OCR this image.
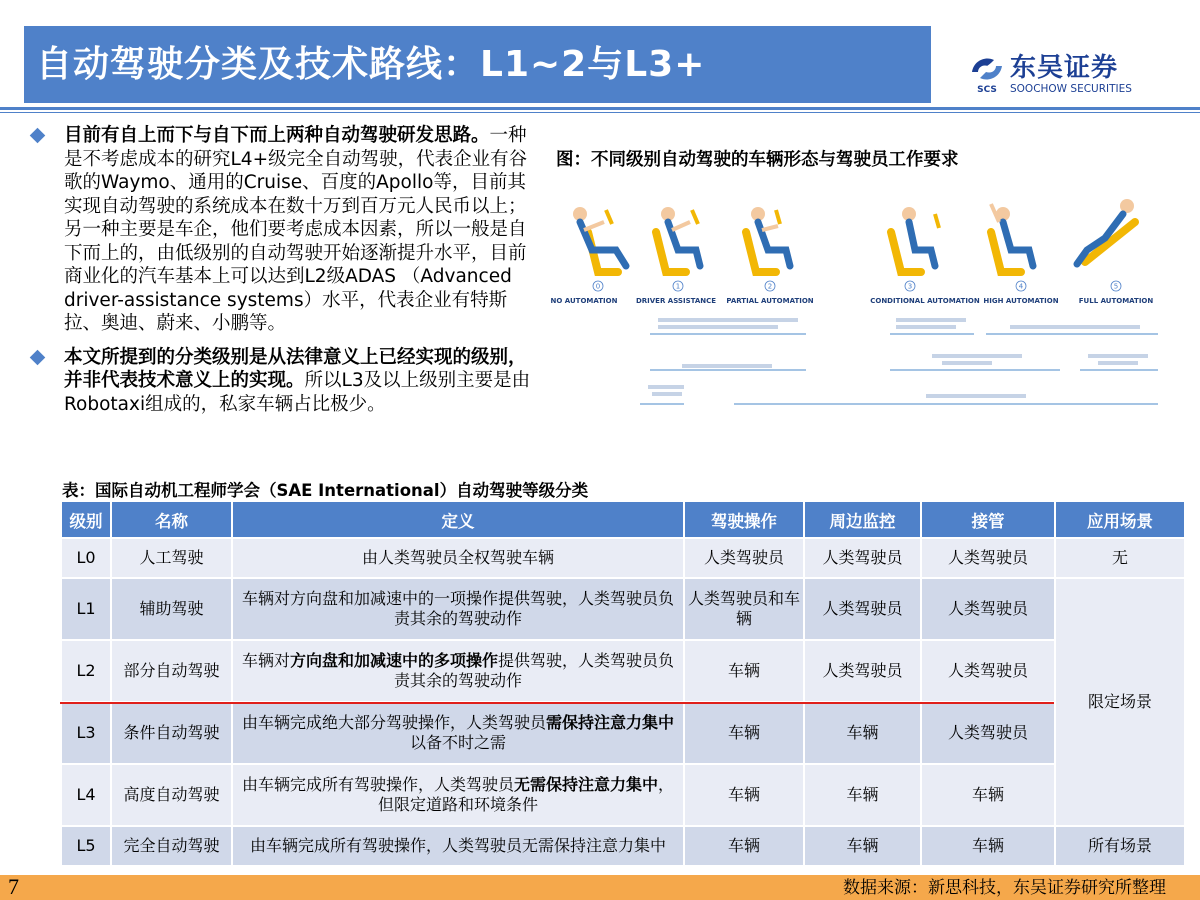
自动驾驶分类及技术路线：L1~2与L3+
SCS
东吴证券
SOOCHOW SECURITIES
目前有自上而下与自下而上两种自动驾驶研发思路。一种是不考虑成本的研究L4+级完全自动驾驶，代表企业有谷歌的Waymo、通用的Cruise、百度的Apollo等，目前其实现自动驾驶的系统成本在数十万到百万元人民币以上；另一种主要是车企，他们要考虑成本因素，所以一般是自下而上的，由低级别的自动驾驶开始逐渐提升水平，目前商业化的汽车基本上可以达到L2级ADAS （Advanced driver-assistance systems）水平，代表企业有特斯拉、奥迪、蔚来、小鹏等。
本文所提到的分类级别是从法律意义上已经实现的级别，并非代表技术意义上的实现。所以L3及以上级别主要是由Robotaxi组成的，私家车辆占比极少。
图：不同级别自动驾驶的车辆形态与驾驶员工作要求
0
NO AUTOMATION
1
DRIVER ASSISTANCE
2
PARTIAL AUTOMATION
3
CONDITIONAL AUTOMATION
4
HIGH AUTOMATION
5
FULL AUTOMATION
表：国际自动机工程师学会（SAE International）自动驾驶等级分类
级别	名称	定义	驾驶操作	周边监控	接管	应用场景
L0	人工驾驶	由人类驾驶员全权驾驶车辆	人类驾驶员	人类驾驶员	人类驾驶员	无
L1	辅助驾驶	车辆对方向盘和加减速中的一项操作提供驾驶，人类驾驶员负责其余的驾驶动作	人类驾驶员和车辆	人类驾驶员	人类驾驶员	限定场景
L2	部分自动驾驶	车辆对方向盘和加减速中的多项操作提供驾驶，人类驾驶员负责其余的驾驶动作	车辆	人类驾驶员	人类驾驶员	
L3	条件自动驾驶	由车辆完成绝大部分驾驶操作，人类驾驶员需保持注意力集中以备不时之需	车辆	车辆	人类驾驶员	
L4	高度自动驾驶	由车辆完成所有驾驶操作，人类驾驶员无需保持注意力集中，但限定道路和环境条件	车辆	车辆	车辆	
L5	完全自动驾驶	由车辆完成所有驾驶操作，人类驾驶员无需保持注意力集中	车辆	车辆	车辆	所有场景
7	数据来源：新思科技，东吴证券研究所整理
